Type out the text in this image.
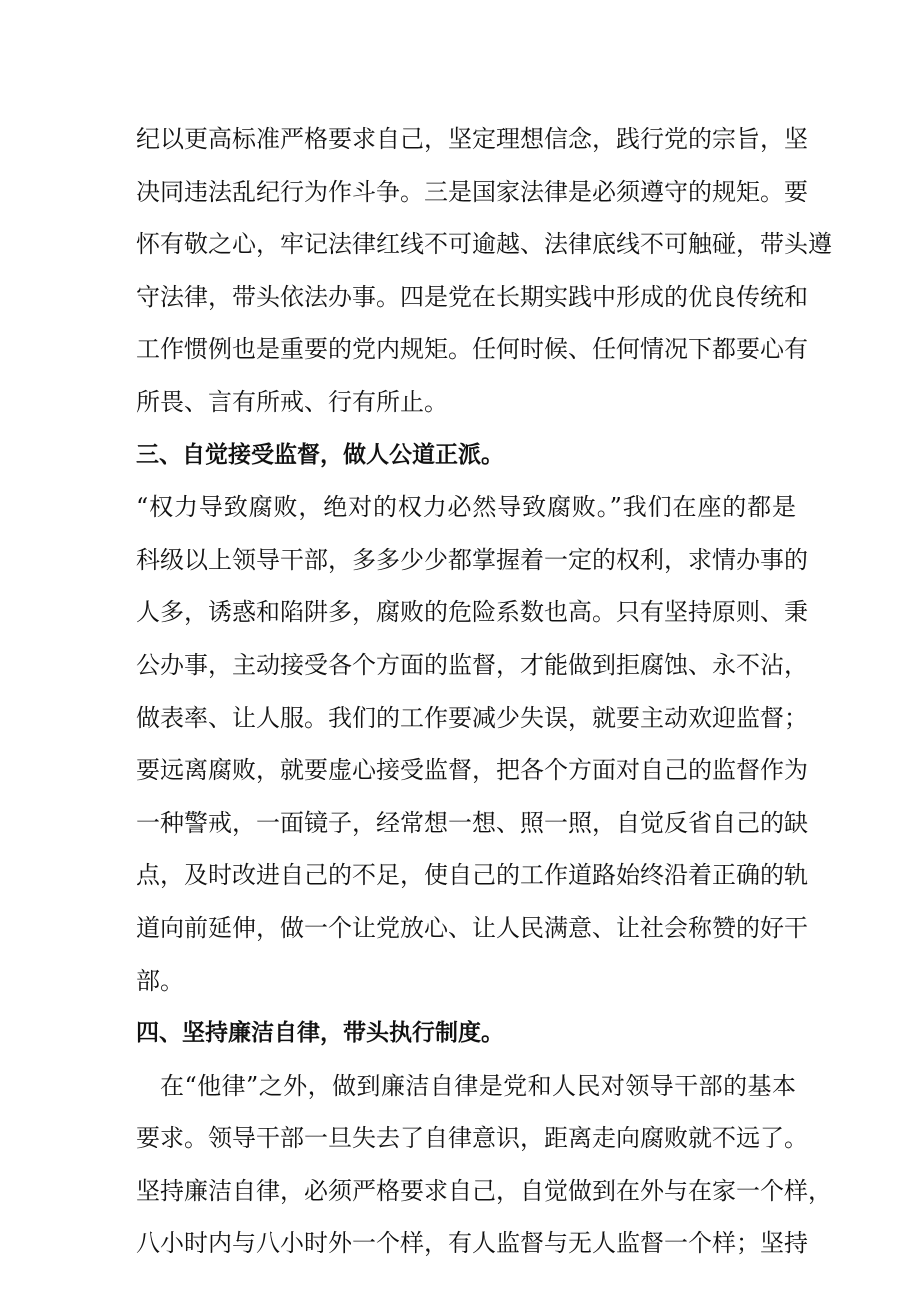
纪以更高标准严格要求自己，坚定理想信念，践行党的宗旨，坚
决同违法乱纪行为作斗争。三是国家法律是必须遵守的规矩。要
怀有敬之心，牢记法律红线不可逾越、法律底线不可触碰，带头遵
守法律，带头依法办事。四是党在长期实践中形成的优良传统和
工作惯例也是重要的党内规矩。任何时候、任何情况下都要心有
所畏、言有所戒、行有所止。
三、自觉接受监督，做人公道正派。
“权力导致腐败，绝对的权力必然导致腐败。”我们在座的都是
科级以上领导干部，多多少少都掌握着一定的权利，求情办事的
人多，诱惑和陷阱多，腐败的危险系数也高。只有坚持原则、秉
公办事，主动接受各个方面的监督，才能做到拒腐蚀、永不沾，
做表率、让人服。我们的工作要减少失误，就要主动欢迎监督；
要远离腐败，就要虚心接受监督，把各个方面对自己的监督作为
一种警戒，一面镜子，经常想一想、照一照，自觉反省自己的缺
点，及时改进自己的不足，使自己的工作道路始终沿着正确的轨
道向前延伸，做一个让党放心、让人民满意、让社会称赞的好干
部。
四、坚持廉洁自律，带头执行制度。
在“他律”之外，做到廉洁自律是党和人民对领导干部的基本
要求。领导干部一旦失去了自律意识，距离走向腐败就不远了。
坚持廉洁自律，必须严格要求自己，自觉做到在外与在家一个样，
八小时内与八小时外一个样，有人监督与无人监督一个样；坚持
